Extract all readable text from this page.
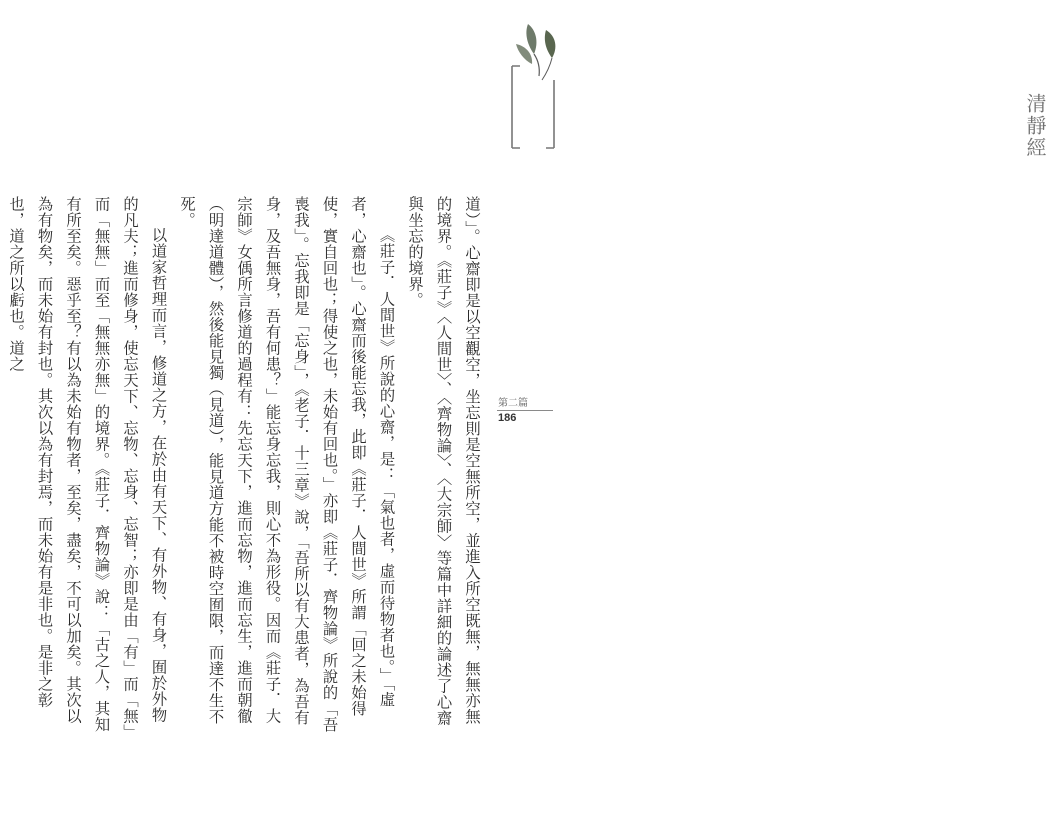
清靜經

道）」。心齋即是以空觀空，坐忘則是空無所空，並進入所空既無，無無亦無的境界。《莊子》〈人間世〉、〈齊物論〉、〈大宗師〉等篇中詳細的論述了心齋與坐忘的境界。

《莊子．人間世》所說的心齋，是：「氣也者，虛而待物者也。」「虛者，心齋也」。心齋而後能忘我，此即《莊子．人間世》所謂「回之未始得使，實自回也；得使之也，未始有回也。」亦即《莊子．齊物論》所說的「吾喪我」。忘我即是「忘身」，《老子．十三章》說，「吾所以有大患者，為吾有身，及吾無身，吾有何患？」能忘身忘我，則心不為形役。因而《莊子．大宗師》女偊所言修道的過程有：先忘天下，進而忘物，進而忘生，進而朝徹（明達道體），然後能見獨（見道），能見道方能不被時空囿限，而達不生不死。

以道家哲理而言，修道之方，在於由有天下、有外物、有身，囿於外物的凡夫；進而修身，使忘天下、忘物、忘身、忘智；亦即是由「有」而「無」而「無無」而至「無無亦無」的境界。《莊子．齊物論》說：「古之人，其知有所至矣。惡乎至？有以為未始有物者，至矣，盡矣，不可以加矣。其次以為有物矣，而未始有封也。其次以為有封焉，而未始有是非也。是非之彰也，道之所以虧也。道之

第二篇
186
